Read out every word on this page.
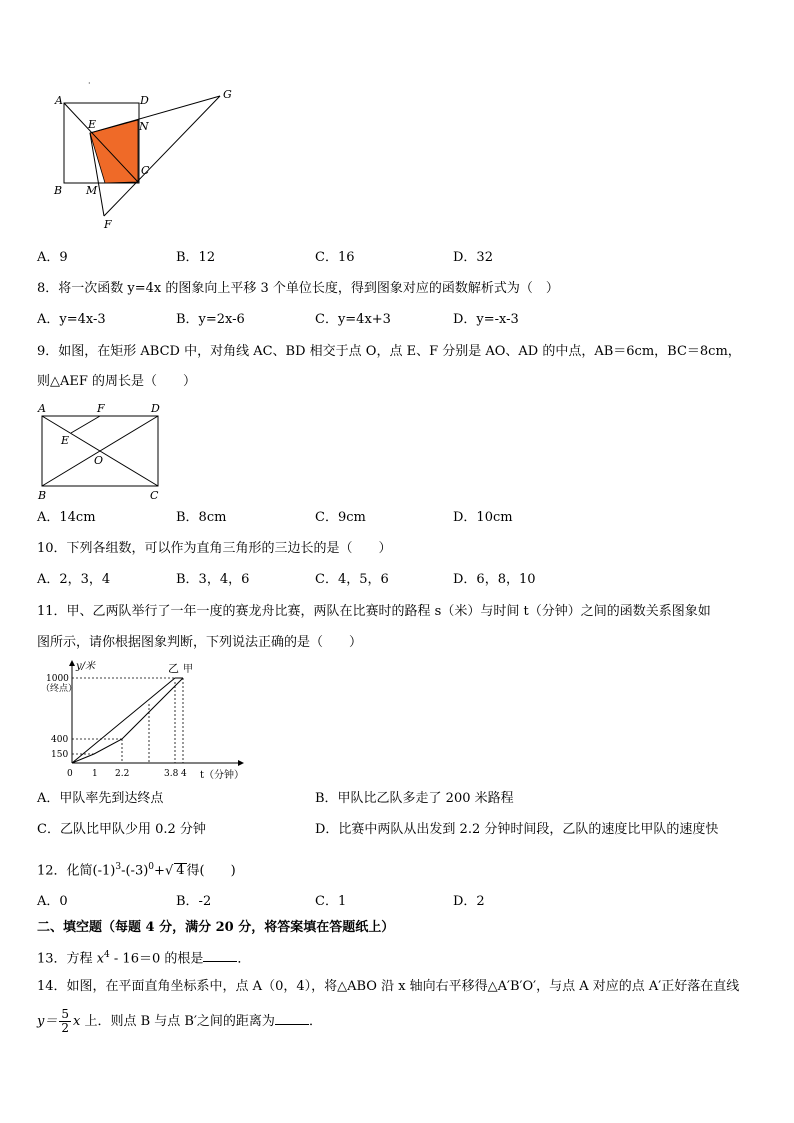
·
A	D	G
E	N
C
B M
F
A．9	B．12	C．16	D．32
8．将一次函数 y=4x 的图象向上平移 3 个单位长度，得到图象对应的函数解析式为（　）
A．y=4x-3	B．y=2x-6	C．y=4x+3	D．y=-x-3
9．如图，在矩形 ABCD 中，对角线 AC、BD 相交于点 O，点 E、F 分别是 AO、AD 的中点，AB＝6cm，BC＝8cm，
则△AEF 的周长是（　　）
A	F	D
E
O
B	C
A．14cm	B．8cm	C．9cm	D．10cm
10．下列各组数，可以作为直角三角形的三边长的是（　　）
A．2，3，4	B．3，4，6	C．4，5，6	D．6，8，10
11．甲、乙两队举行了一年一度的赛龙舟比赛，两队在比赛时的路程 s（米）与时间 t（分钟）之间的函数关系图象如
图所示，请你根据图象判断，下列说法正确的是（　　）
y/米
1000
（终点）
400
150
0 1 2.2	3.8 4 t（分钟）
乙 甲
A．甲队率先到达终点	B．甲队比乙队多走了 200 米路程
C．乙队比甲队少用 0.2 分钟	D．比赛中两队从出发到 2.2 分钟时间段，乙队的速度比甲队的速度快
12．化简$(-1)^3-(-3)^0+√$ 4 得(　　)
A．0	B．-2	C．1	D．2
二、填空题（每题 4 分，满分 20 分，将答案填在答题纸上）
13．方程 $x^4 - 16=0$ 的根是	．
14．如图，在平面直角坐标系中，点 A（0，4），将△ABO 沿 x 轴向右平移得△A′B′O′，与点 A 对应的点 A′正好落在直线
$y= \frac{5}{2}$ x 上．则点 B 与点 B′之间的距离为	．
